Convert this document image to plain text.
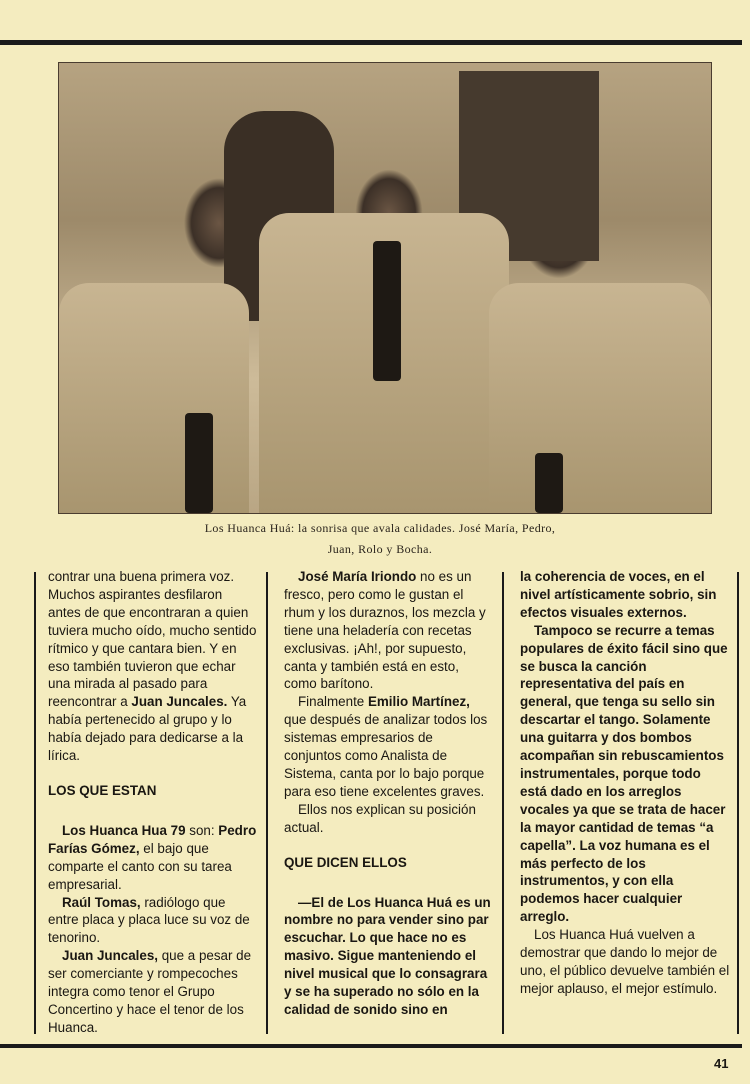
Los Huanca Huá: la sonrisa que avala calidades. José María, Pedro,
Juan, Rolo y Bocha.

contrar una buena primera voz. Muchos aspirantes desfilaron antes de que encontraran a quien tuviera mucho oído, mucho sentido rítmico y que cantara bien. Y en eso también tuvieron que echar una mirada al pasado para reencontrar a Juan Juncales. Ya había pertenecido al grupo y lo había dejado para dedicarse a la lírica.

LOS QUE ESTAN

Los Huanca Hua 79 son: Pedro Farías Gómez, el bajo que comparte el canto con su tarea empresarial.

Raúl Tomas, radiólogo que entre placa y placa luce su voz de tenorino.

Juan Juncales, que a pesar de ser comerciante y rompecoches integra como tenor el Grupo Concertino y hace el tenor de los Huanca.

José María Iriondo no es un fresco, pero como le gustan el rhum y los duraznos, los mezcla y tiene una heladería con recetas exclusivas. ¡Ah!, por supuesto, canta y también está en esto, como barítono.

Finalmente Emilio Martínez, que después de analizar todos los sistemas empresarios de conjuntos como Analista de Sistema, canta por lo bajo porque para eso tiene excelentes graves.

Ellos nos explican su posición actual.

QUE DICEN ELLOS

—El de Los Huanca Huá es un nombre no para vender sino par escuchar. Lo que hace no es masivo. Sigue manteniendo el nivel musical que lo consagrara y se ha superado no sólo en la calidad de sonido sino en

la coherencia de voces, en el nivel artísticamente sobrio, sin efectos visuales externos.

Tampoco se recurre a temas populares de éxito fácil sino que se busca la canción representativa del país en general, que tenga su sello sin descartar el tango. Solamente una guitarra y dos bombos acompañan sin rebuscamientos instrumentales, porque todo está dado en los arreglos vocales ya que se trata de hacer la mayor cantidad de temas “a capella”. La voz humana es el más perfecto de los instrumentos, y con ella podemos hacer cualquier arreglo.

Los Huanca Huá vuelven a demostrar que dando lo mejor de uno, el público devuelve también el mejor aplauso, el mejor estímulo.

41
